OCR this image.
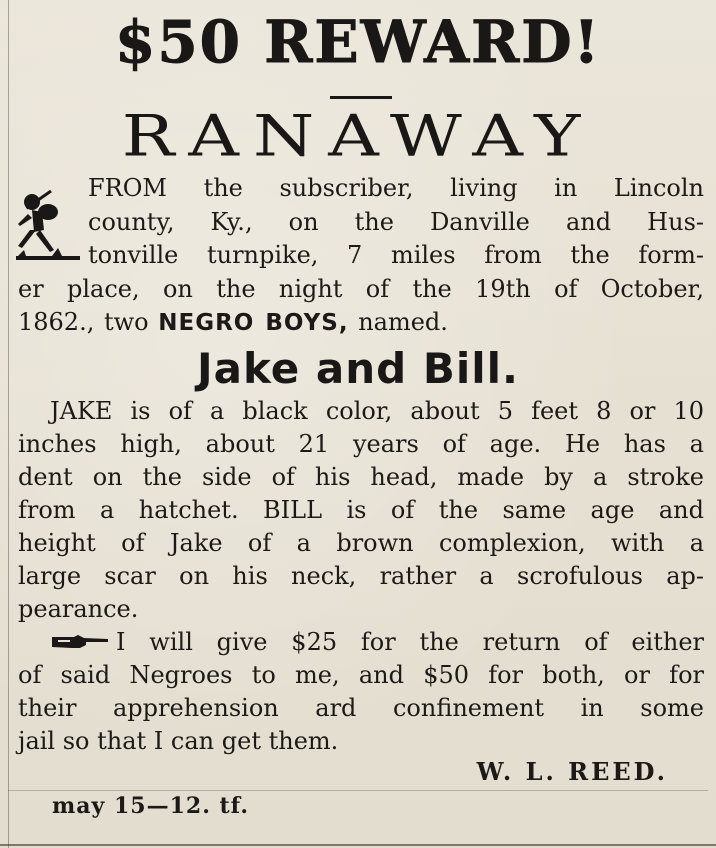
$50 REWARD!
RANAWAY
FROM the subscriber, living in Lincoln
county, Ky., on the Danville and Hus-
tonville turnpike, 7 miles from the form-
er place, on the night of the 19th of October,
1862., two NEGRO BOYS, named.
Jake and Bill.
JAKE is of a black color, about 5 feet 8 or 10
inches high, about 21 years of age. He has a
dent on the side of his head, made by a stroke
from a hatchet. BILL is of the same age and
height of Jake of a brown complexion, with a
large scar on his neck, rather a scrofulous ap-
pearance.
I will give $25 for the return of either
of said Negroes to me, and $50 for both, or for
their apprehension ard confinement in some
jail so that I can get them.
W. L. REED.
may 15—12. tf.
